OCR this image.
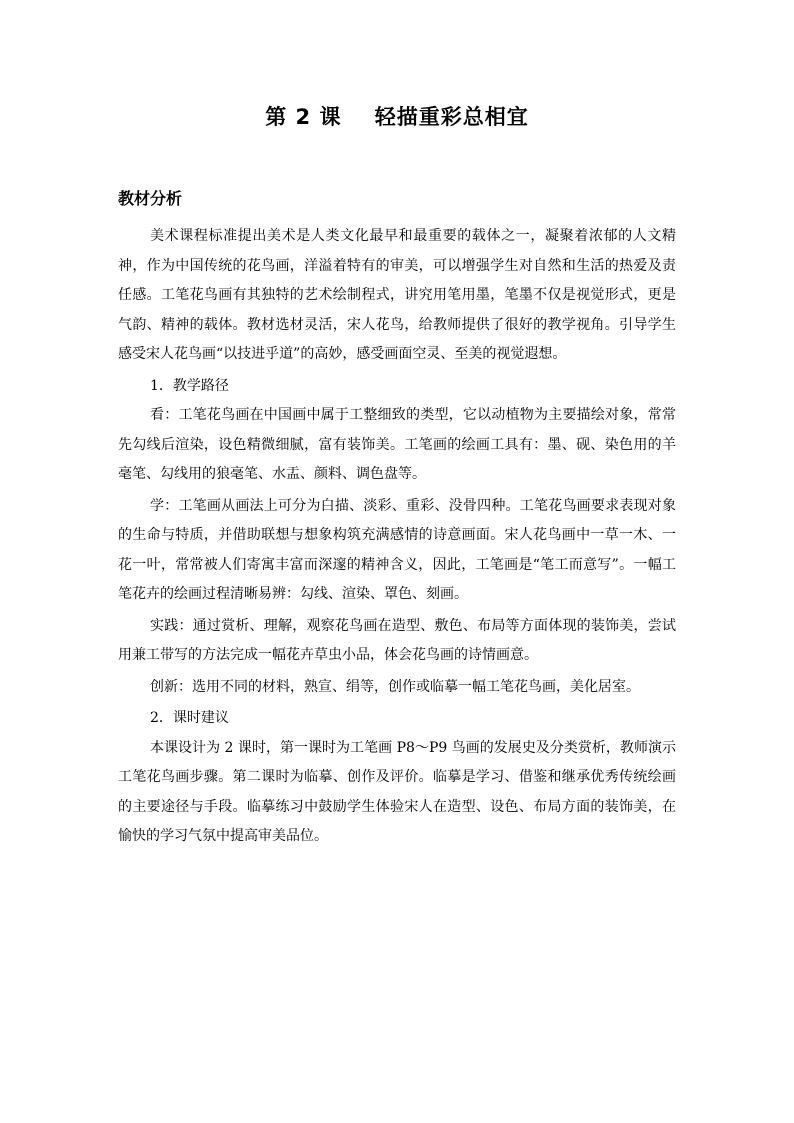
第 2 课    轻描重彩总相宜
教材分析

美术课程标准提出美术是人类文化最早和最重要的载体之一，凝聚着浓郁的人文精神，作为中国传统的花鸟画，洋溢着特有的审美，可以增强学生对自然和生活的热爱及责任感。工笔花鸟画有其独特的艺术绘制程式，讲究用笔用墨，笔墨不仅是视觉形式，更是气韵、精神的载体。教材选材灵活，宋人花鸟，给教师提供了很好的教学视角。引导学生感受宋人花鸟画“以技进乎道”的高妙，感受画面空灵、至美的视觉遐想。

1．教学路径

看：工笔花鸟画在中国画中属于工整细致的类型，它以动植物为主要描绘对象，常常先勾线后渲染，设色精微细腻，富有装饰美。工笔画的绘画工具有：墨、砚、染色用的羊毫笔、勾线用的狼毫笔、水盂、颜料、调色盘等。

学：工笔画从画法上可分为白描、淡彩、重彩、没骨四种。工笔花鸟画要求表现对象的生命与特质，并借助联想与想象构筑充满感情的诗意画面。宋人花鸟画中一草一木、一花一叶，常常被人们寄寓丰富而深邃的精神含义，因此，工笔画是“笔工而意写”。一幅工笔花卉的绘画过程清晰易辨：勾线、渲染、罩色、刻画。

实践：通过赏析、理解，观察花鸟画在造型、敷色、布局等方面体现的装饰美，尝试用兼工带写的方法完成一幅花卉草虫小品，体会花鸟画的诗情画意。

创新：选用不同的材料，熟宣、绢等，创作或临摹一幅工笔花鸟画，美化居室。

2．课时建议

本课设计为 2 课时，第一课时为工笔画 P8～P9 鸟画的发展史及分类赏析，教师演示工笔花鸟画步骤。第二课时为临摹、创作及评价。临摹是学习、借鉴和继承优秀传统绘画的主要途径与手段。临摹练习中鼓励学生体验宋人在造型、设色、布局方面的装饰美，在愉快的学习气氛中提高审美品位。
